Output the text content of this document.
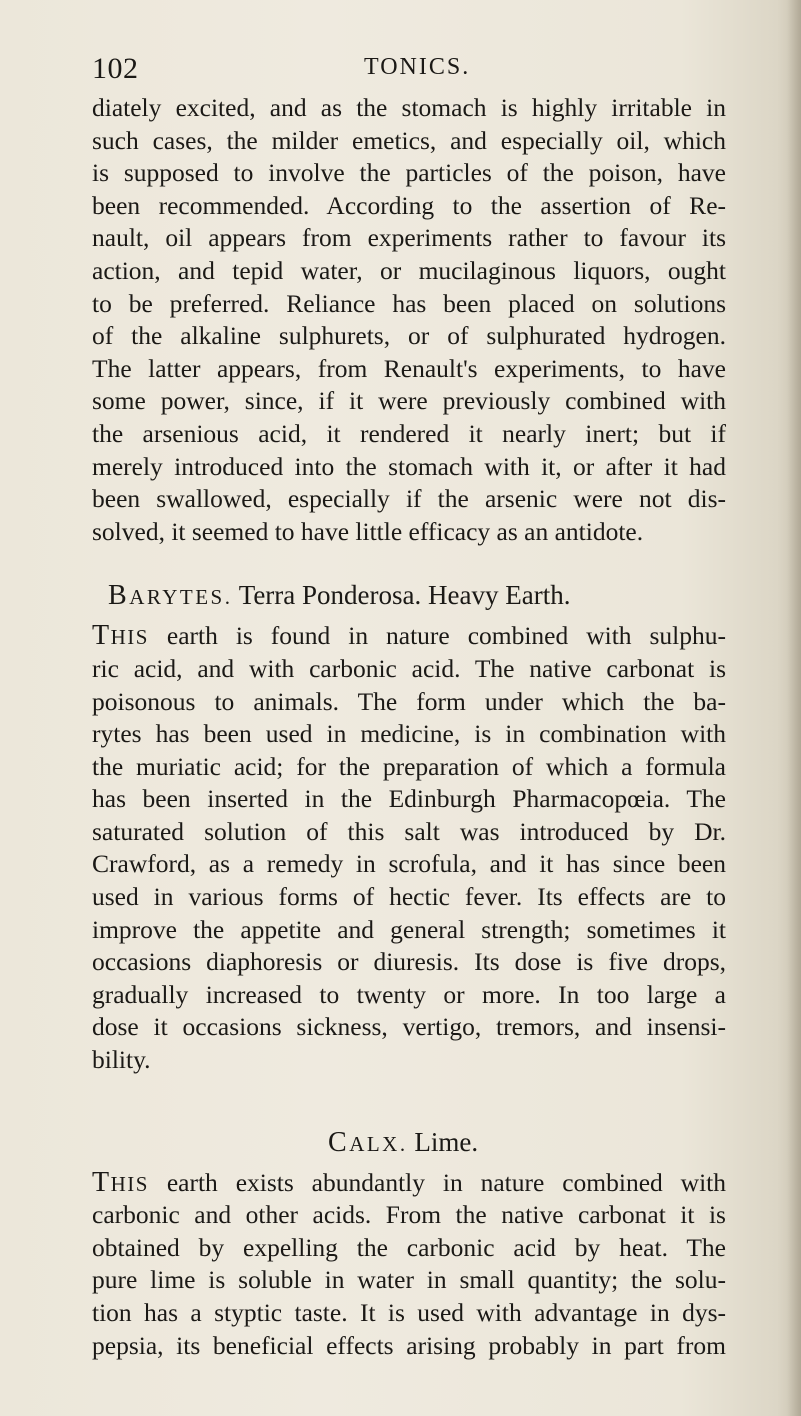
102	TONICS.
diately excited, and as the stomach is highly irritable in
such cases, the milder emetics, and especially oil, which
is supposed to involve the particles of the poison, have
been recommended. According to the assertion of Re-
nault, oil appears from experiments rather to favour its
action, and tepid water, or mucilaginous liquors, ought
to be preferred. Reliance has been placed on solutions
of the alkaline sulphurets, or of sulphurated hydrogen.
The latter appears, from Renault's experiments, to have
some power, since, if it were previously combined with
the arsenious acid, it rendered it nearly inert; but if
merely introduced into the stomach with it, or after it had
been swallowed, especially if the arsenic were not dis-
solved, it seemed to have little efficacy as an antidote.
BARYTES. Terra Ponderosa. Heavy Earth.
THIS earth is found in nature combined with sulphu-
ric acid, and with carbonic acid. The native carbonat is
poisonous to animals. The form under which the ba-
rytes has been used in medicine, is in combination with
the muriatic acid; for the preparation of which a formula
has been inserted in the Edinburgh Pharmacopœia. The
saturated solution of this salt was introduced by Dr.
Crawford, as a remedy in scrofula, and it has since been
used in various forms of hectic fever. Its effects are to
improve the appetite and general strength; sometimes it
occasions diaphoresis or diuresis. Its dose is five drops,
gradually increased to twenty or more. In too large a
dose it occasions sickness, vertigo, tremors, and insensi-
bility.
CALX. Lime.
THIS earth exists abundantly in nature combined with
carbonic and other acids. From the native carbonat it is
obtained by expelling the carbonic acid by heat. The
pure lime is soluble in water in small quantity; the solu-
tion has a styptic taste. It is used with advantage in dys-
pepsia, its beneficial effects arising probably in part from
